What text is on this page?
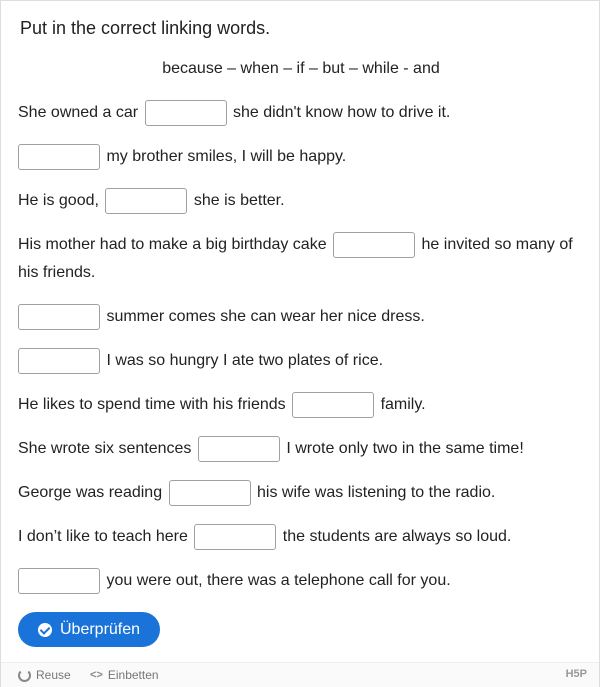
Put in the correct linking words.
because – when – if – but – while - and
She owned a car	she didn't know how to drive it.
my brother smiles, I will be happy.
He is good,	she is better.
His mother had to make a big birthday cake	he invited so many of his friends.
summer comes she can wear her nice dress.
I was so hungry I ate two plates of rice.
He likes to spend time with his friends	family.
She wrote six sentences	I wrote only two in the same time!
George was reading	his wife was listening to the radio.
I don’t like to teach here	the students are always so loud.
you were out, there was a telephone call for you.
Überprüfen
Reuse <> Einbetten	H5P
